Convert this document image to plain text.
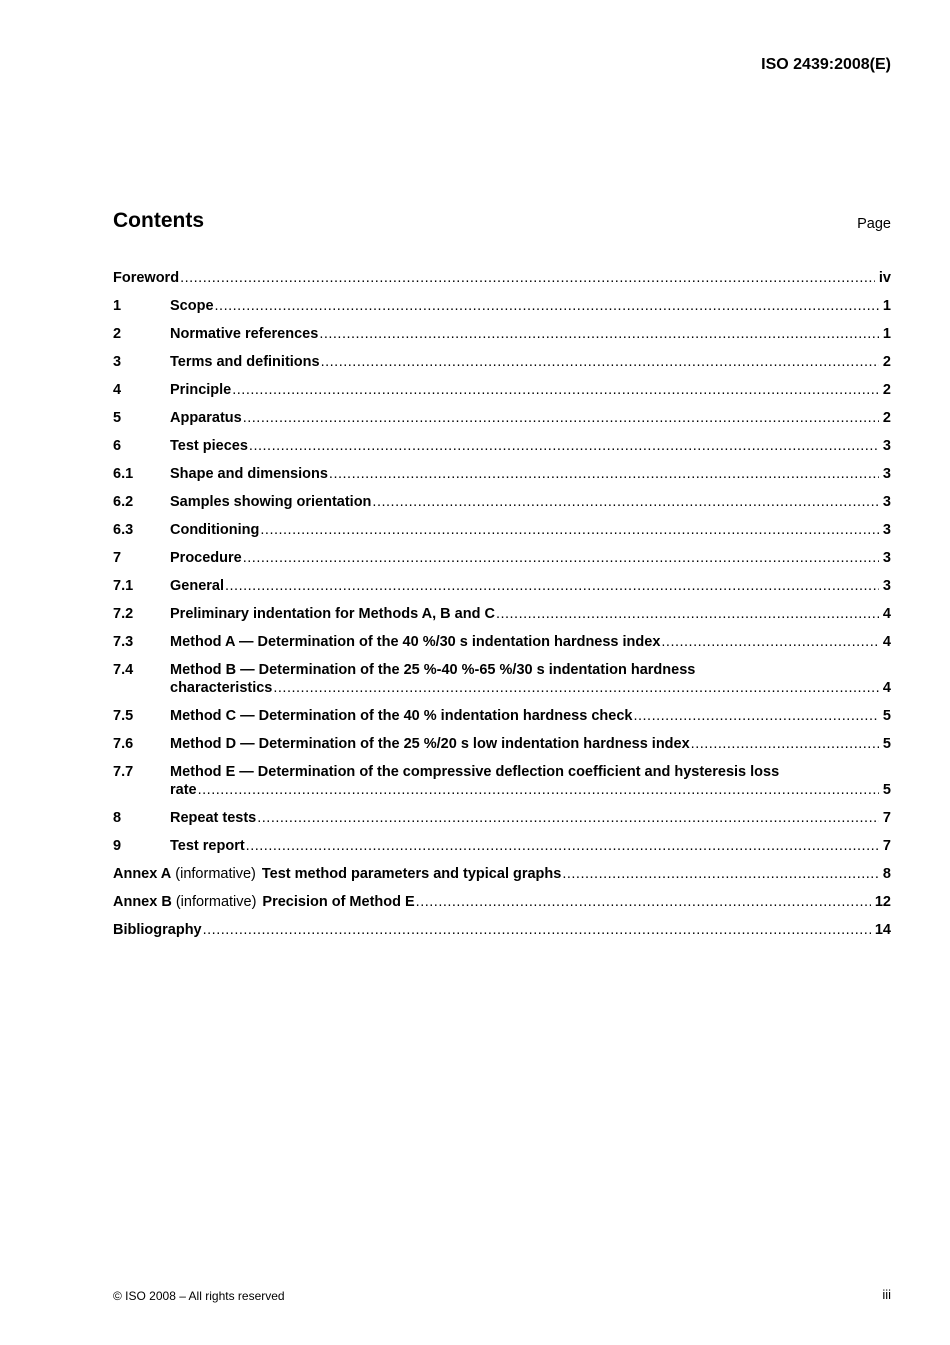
ISO 2439:2008(E)

Contents	Page

Foreword .....	iv
1	Scope .....	1
2	Normative references .....	1
3	Terms and definitions .....	2
4	Principle .....	2
5	Apparatus .....	2
6	Test pieces .....	3
6.1	Shape and dimensions .....	3
6.2	Samples showing orientation .....	3
6.3	Conditioning .....	3
7	Procedure .....	3
7.1	General .....	3
7.2	Preliminary indentation for Methods A, B and C .....	4
7.3	Method A — Determination of the 40 %/30 s indentation hardness index .....	4
7.4	Method B — Determination of the 25 %-40 %-65 %/30 s indentation hardness
characteristics .....	4
7.5	Method C — Determination of the 40 % indentation hardness check .....	5
7.6	Method D — Determination of the 25 %/20 s low indentation hardness index .....	5
7.7	Method E — Determination of the compressive deflection coefficient and hysteresis loss
rate .....	5
8	Repeat tests .....	7
9	Test report .....	7
Annex A (informative) Test method parameters and typical graphs .....	8
Annex B (informative) Precision of Method E .....	12
Bibliography .....	14

© ISO 2008 – All rights reserved	iii
